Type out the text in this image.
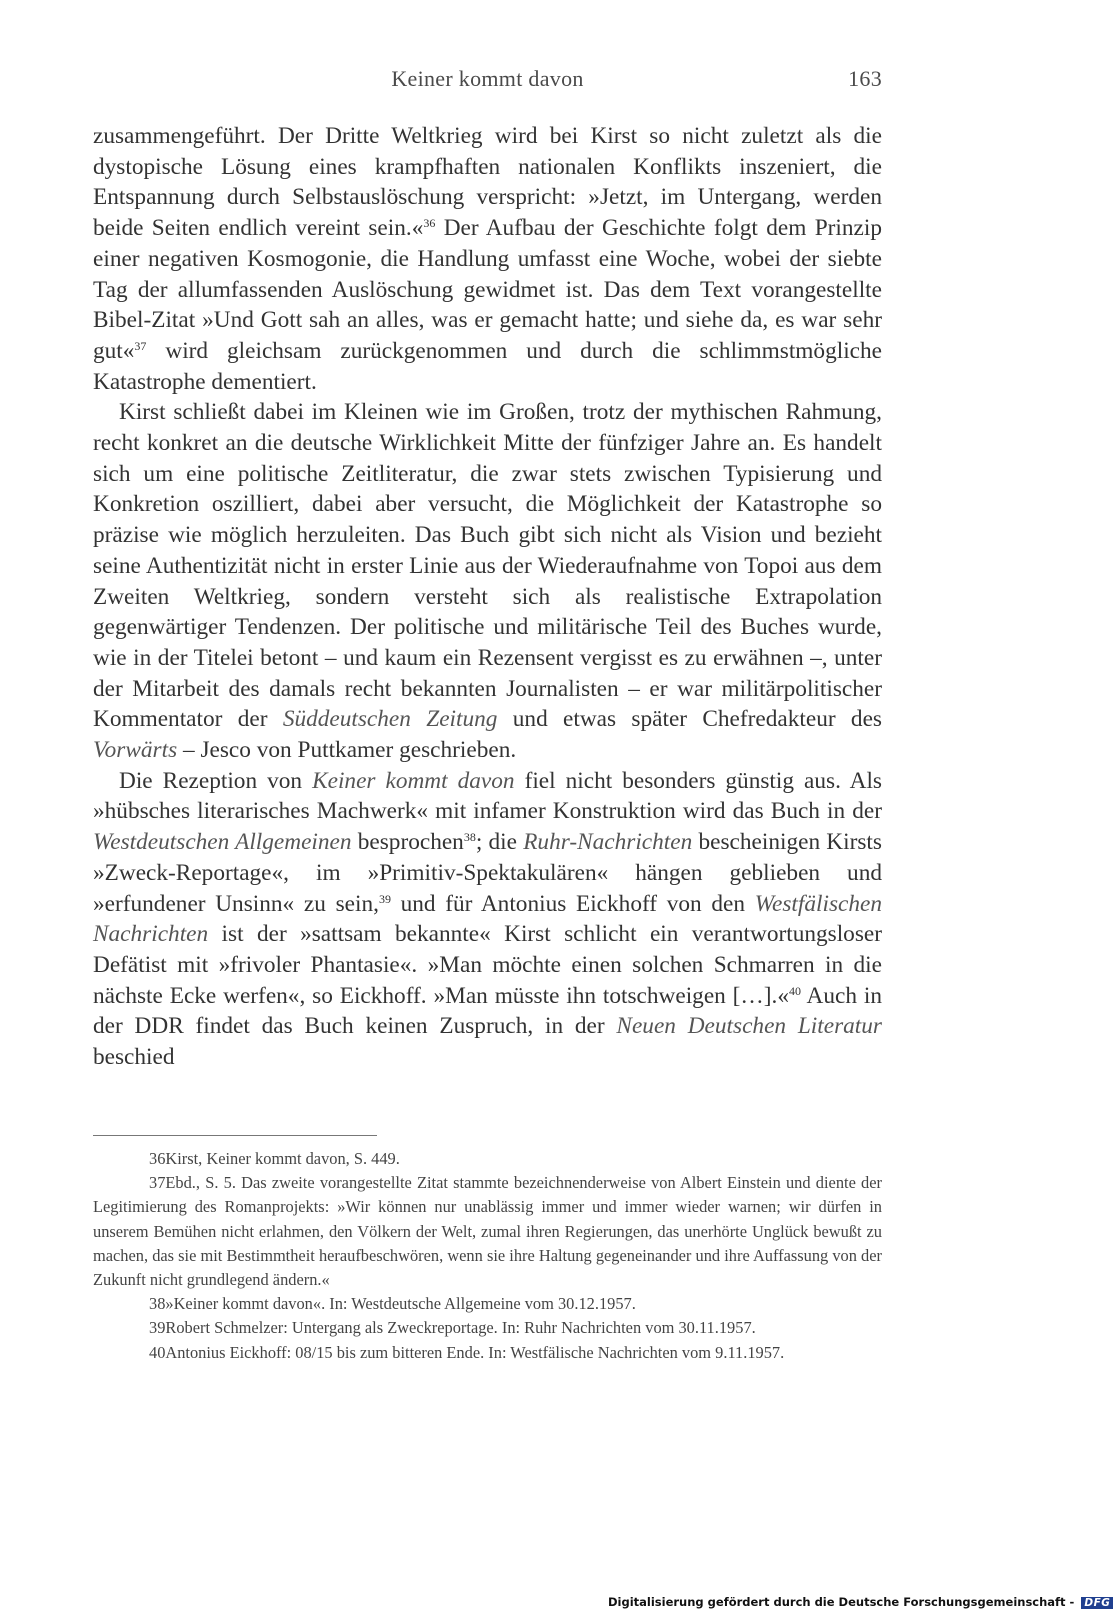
Keiner kommt davon	163

zusammengeführt. Der Dritte Weltkrieg wird bei Kirst so nicht zuletzt als die dystopische Lösung eines krampfhaften nationalen Konflikts inszeniert, die Entspannung durch Selbstauslöschung verspricht: »Jetzt, im Untergang, werden beide Seiten endlich vereint sein.«$^{36}$ Der Aufbau der Geschichte folgt dem Prinzip einer negativen Kosmogonie, die Handlung umfasst eine Woche, wobei der siebte Tag der allumfassenden Auslöschung gewidmet ist. Das dem Text vorangestellte Bibel-Zitat »Und Gott sah an alles, was er gemacht hatte; und siehe da, es war sehr gut«$^{37}$ wird gleichsam zurückgenommen und durch die schlimmstmögliche Katastrophe dementiert.

Kirst schließt dabei im Kleinen wie im Großen, trotz der mythischen Rahmung, recht konkret an die deutsche Wirklichkeit Mitte der fünfziger Jahre an. Es handelt sich um eine politische Zeitliteratur, die zwar stets zwischen Typisierung und Konkretion oszilliert, dabei aber versucht, die Möglichkeit der Katastrophe so präzise wie möglich herzuleiten. Das Buch gibt sich nicht als Vision und bezieht seine Authentizität nicht in erster Linie aus der Wiederaufnahme von Topoi aus dem Zweiten Weltkrieg, sondern versteht sich als realistische Extrapolation gegenwärtiger Tendenzen. Der politische und militärische Teil des Buches wurde, wie in der Titelei betont – und kaum ein Rezensent vergisst es zu erwähnen –, unter der Mitarbeit des damals recht bekannten Journalisten – er war militärpolitischer Kommentator der Süddeutschen Zeitung und etwas später Chefredakteur des Vorwärts – Jesco von Puttkamer geschrieben.

Die Rezeption von Keiner kommt davon fiel nicht besonders günstig aus. Als »hübsches literarisches Machwerk« mit infamer Konstruktion wird das Buch in der Westdeutschen Allgemeinen besprochen$^{38}$; die Ruhr-Nachrichten bescheinigen Kirsts »Zweck-Reportage«, im »Primitiv-Spektakulären« hängen geblieben und »erfundener Unsinn« zu sein,$^{39}$ und für Antonius Eickhoff von den Westfälischen Nachrichten ist der »sattsam bekannte« Kirst schlicht ein verantwortungsloser Defätist mit »frivoler Phantasie«. »Man möchte einen solchen Schmarren in die nächste Ecke werfen«, so Eickhoff. »Man müsste ihn totschweigen […].«$^{40}$ Auch in der DDR findet das Buch keinen Zuspruch, in der Neuen Deutschen Literatur beschied

36Kirst, Keiner kommt davon, S. 449.

37Ebd., S. 5. Das zweite vorangestellte Zitat stammte bezeichnenderweise von Albert Einstein und diente der Legitimierung des Romanprojekts: »Wir können nur unablässig immer und immer wieder warnen; wir dürfen in unserem Bemühen nicht erlahmen, den Völkern der Welt, zumal ihren Regierungen, das unerhörte Unglück bewußt zu machen, das sie mit Bestimmtheit heraufbeschwören, wenn sie ihre Haltung gegeneinander und ihre Auffassung von der Zukunft nicht grundlegend ändern.«

38»Keiner kommt davon«. In: Westdeutsche Allgemeine vom 30.12.1957.

39Robert Schmelzer: Untergang als Zweckreportage. In: Ruhr Nachrichten vom 30.11.1957.

40Antonius Eickhoff: 08/15 bis zum bitteren Ende. In: Westfälische Nachrichten vom 9.11.1957.

Digitalisierung gefördert durch die Deutsche Forschungsgemeinschaft - DFG
